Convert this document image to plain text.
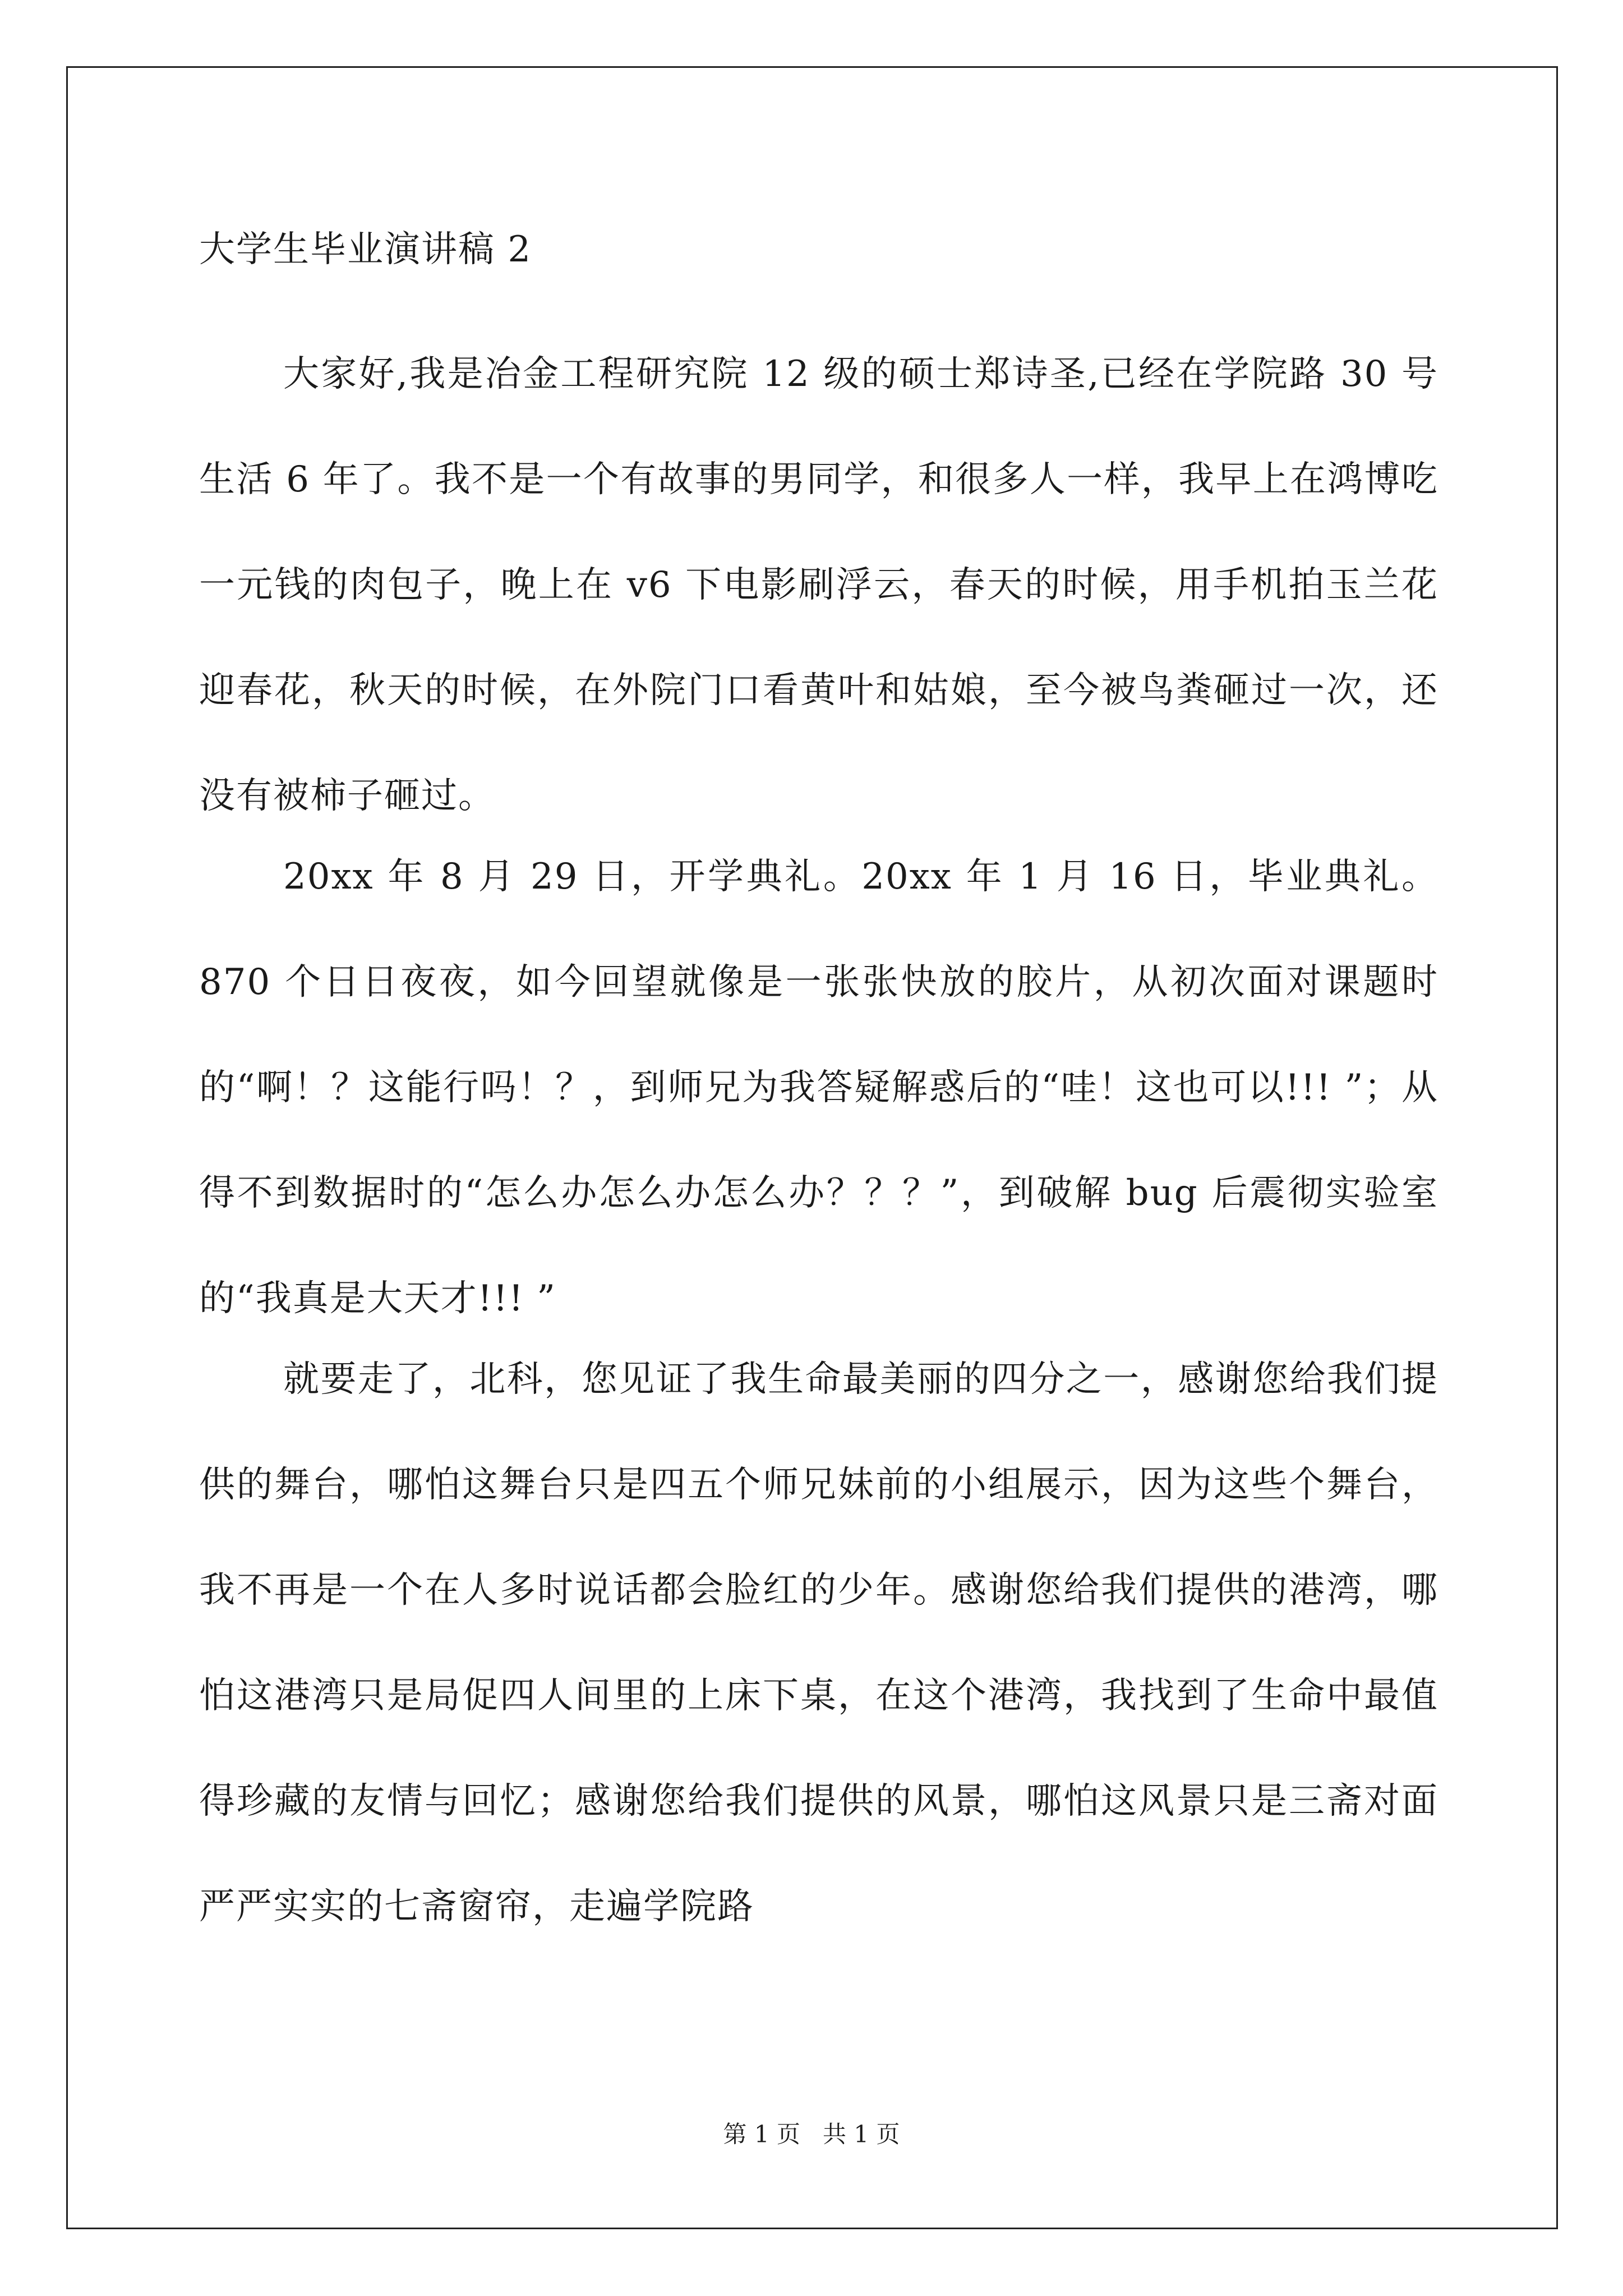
大学生毕业演讲稿 2

大家好,我是冶金工程研究院 12 级的硕士郑诗圣,已经在学院路 30 号生活 6 年了。我不是一个有故事的男同学，和很多人一样，我早上在鸿博吃一元钱的肉包子，晚上在 v6 下电影刷浮云，春天的时候，用手机拍玉兰花迎春花，秋天的时候，在外院门口看黄叶和姑娘，至今被鸟粪砸过一次，还没有被柿子砸过。

20xx 年 8 月 29 日，开学典礼。20xx 年 1 月 16 日，毕业典礼。870 个日日夜夜，如今回望就像是一张张快放的胶片，从初次面对课题时的“啊！？这能行吗！？，到师兄为我答疑解惑后的“哇！这也可以!!! ”；从得不到数据时的“怎么办怎么办怎么办？？？”，到破解 bug 后震彻实验室的“我真是大天才!!! ”

就要走了，北科，您见证了我生命最美丽的四分之一，感谢您给我们提供的舞台，哪怕这舞台只是四五个师兄妹前的小组展示，因为这些个舞台，我不再是一个在人多时说话都会脸红的少年。感谢您给我们提供的港湾，哪怕这港湾只是局促四人间里的上床下桌，在这个港湾，我找到了生命中最值得珍藏的友情与回忆；感谢您给我们提供的风景，哪怕这风景只是三斋对面严严实实的七斋窗帘，走遍学院路

第 1 页   共 1 页
